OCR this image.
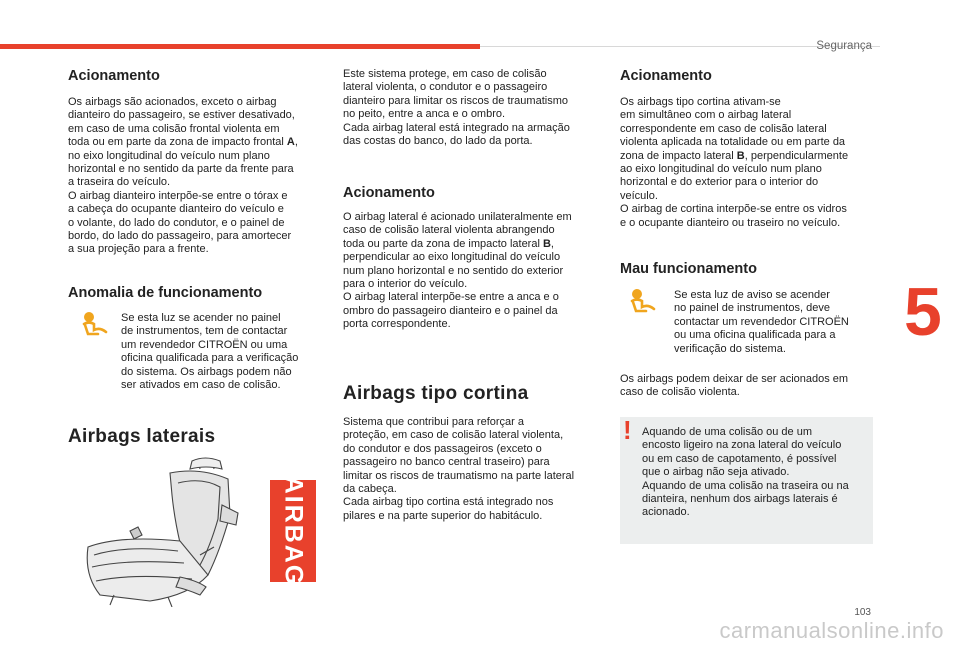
Segurança
5
Acionamento
Os airbags são acionados, exceto o airbag
dianteiro do passageiro, se estiver desativado,
em caso de uma colisão frontal violenta em
toda ou em parte da zona de impacto frontal A,
no eixo longitudinal do veículo num plano
horizontal e no sentido da parte da frente para
a traseira do veículo.
O airbag dianteiro interpõe-se entre o tórax e
a cabeça do ocupante dianteiro do veículo e
o volante, do lado do condutor, e o painel de
bordo, do lado do passageiro, para amortecer
a sua projeção para a frente.
Anomalia de funcionamento
Se esta luz se acender no painel
de instrumentos, tem de contactar
um revendedor CITROËN ou uma
oficina qualificada para a verificação
do sistema. Os airbags podem não
ser ativados em caso de colisão.
Airbags laterais
AIRBAG
Este sistema protege, em caso de colisão
lateral violenta, o condutor e o passageiro
dianteiro para limitar os riscos de traumatismo
no peito, entre a anca e o ombro.
Cada airbag lateral está integrado na armação
das costas do banco, do lado da porta.
Acionamento
O airbag lateral é acionado unilateralmente em
caso de colisão lateral violenta abrangendo
toda ou parte da zona de impacto lateral B,
perpendicular ao eixo longitudinal do veículo
num plano horizontal e no sentido do exterior
para o interior do veículo.
O airbag lateral interpõe-se entre a anca e o
ombro do passageiro dianteiro e o painel da
porta correspondente.
Airbags tipo cortina
Sistema que contribui para reforçar a
proteção, em caso de colisão lateral violenta,
do condutor e dos passageiros (exceto o
passageiro no banco central traseiro) para
limitar os riscos de traumatismo na parte lateral
da cabeça.
Cada airbag tipo cortina está integrado nos
pilares e na parte superior do habitáculo.
Acionamento
Os airbags tipo cortina ativam-se
em simultâneo com o airbag lateral
correspondente em caso de colisão lateral
violenta aplicada na totalidade ou em parte da
zona de impacto lateral B, perpendicularmente
ao eixo longitudinal do veículo num plano
horizontal e do exterior para o interior do
veículo.
O airbag de cortina interpõe-se entre os vidros
e o ocupante dianteiro ou traseiro no veículo.
Mau funcionamento
Se esta luz de aviso se acender
no painel de instrumentos, deve
contactar um revendedor CITROËN
ou uma oficina qualificada para a
verificação do sistema.
Os airbags podem deixar de ser acionados em
caso de colisão violenta.
! Aquando de uma colisão ou de um
encosto ligeiro na zona lateral do veículo
ou em caso de capotamento, é possível
que o airbag não seja ativado.
Aquando de uma colisão na traseira ou na
dianteira, nenhum dos airbags laterais é
acionado.
103
carmanualsonline.info
